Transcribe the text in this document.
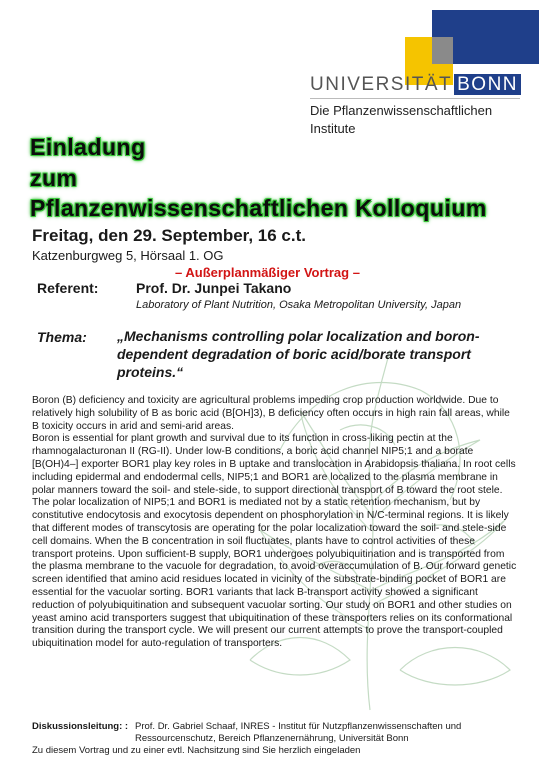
UNIVERSITÄT BONN
Die Pflanzenwissenschaftlichen
Institute
Einladung
zum
Pflanzenwissenschaftlichen Kolloquium
Freitag, den 29. September, 16 c.t.
Katzenburgweg 5, Hörsaal 1. OG
– Außerplanmäßiger Vortrag –
Referent:	Prof. Dr. Junpei Takano
Laboratory of Plant Nutrition, Osaka Metropolitan University, Japan
Thema: „Mechanisms controlling polar localization and boron-dependent degradation of boric acid/borate transport proteins.“

Boron (B) deficiency and toxicity are agricultural problems impeding crop production worldwide. Due to relatively high solubility of B as boric acid (B[OH]3), B deficiency often occurs in high rain fall areas, while B toxicity occurs in arid and semi-arid areas.

Boron is essential for plant growth and survival due to its function in cross-liking pectin at the rhamnogalacturonan II (RG-II). Under low-B conditions, a boric acid channel NIP5;1 and a borate [B(OH)4–] exporter BOR1 play key roles in B uptake and translocation in Arabidopsis thaliana. In root cells including epidermal and endodermal cells, NIP5;1 and BOR1 are localized to the plasma membrane in polar manners toward the soil- and stele-side, to support directional transport of B toward the root stele. The polar localization of NIP5;1 and BOR1 is mediated not by a static retention mechanism, but by constitutive endocytosis and exocytosis dependent on phosphorylation in N/C-terminal regions. It is likely that different modes of transcytosis are operating for the polar localization toward the soil- and stele-side cell domains. When the B concentration in soil fluctuates, plants have to control activities of these transport proteins. Upon sufficient-B supply, BOR1 undergoes polyubiquitination and is transported from the plasma membrane to the vacuole for degradation, to avoid overaccumulation of B. Our forward genetic screen identified that amino acid residues located in vicinity of the substrate-binding pocket of BOR1 are essential for the vacuolar sorting. BOR1 variants that lack B-transport activity showed a significant reduction of polyubiquitination and subsequent vacuolar sorting. Our study on BOR1 and other studies on yeast amino acid transporters suggest that ubiquitination of these transporters relies on its conformational transition during the transport cycle. We will present our current attempts to prove the transport-coupled ubiquitination model for auto-regulation of transporters.

Diskussionsleitung: : Prof. Dr. Gabriel Schaaf, INRES - Institut für Nutzpflanzenwissenschaften und Ressourcenschutz, Bereich Pflanzenernährung, Universität Bonn
Zu diesem Vortrag und zu einer evtl. Nachsitzung sind Sie herzlich eingeladen
